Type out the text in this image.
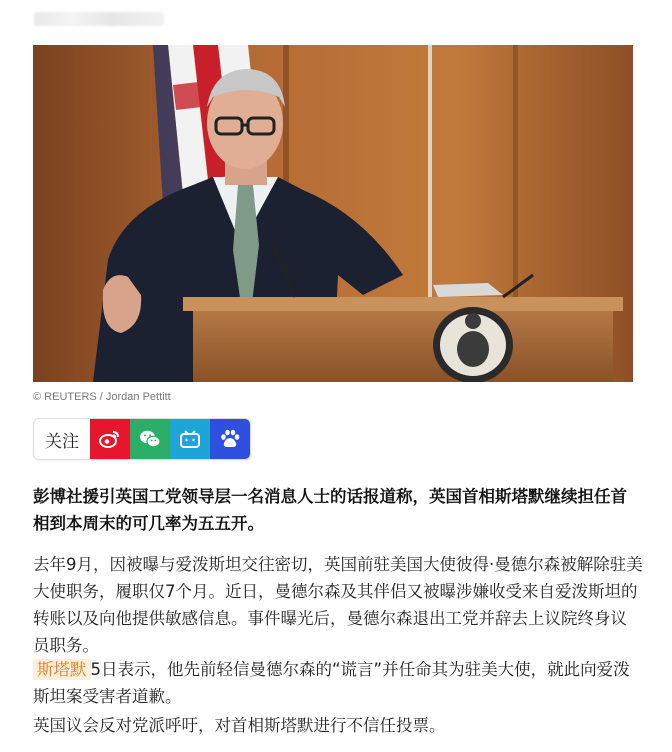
© REUTERS / Jordan Pettitt
关注
彭博社援引英国工党领导层一名消息人士的话报道称，英国首相斯塔默继续担任首相到本周末的可几率为五五开。
去年9月，因被曝与爱泼斯坦交往密切，英国前驻美国大使彼得·曼德尔森被解除驻美大使职务，履职仅7个月。近日，曼德尔森及其伴侣又被曝涉嫌收受来自爱泼斯坦的转账以及向他提供敏感信息。事件曝光后，曼德尔森退出工党并辞去上议院终身议员职务。
斯塔默 5日表示，他先前轻信曼德尔森的“谎言”并任命其为驻美大使，就此向爱泼斯坦案受害者道歉。
英国议会反对党派呼吁，对首相斯塔默进行不信任投票。
